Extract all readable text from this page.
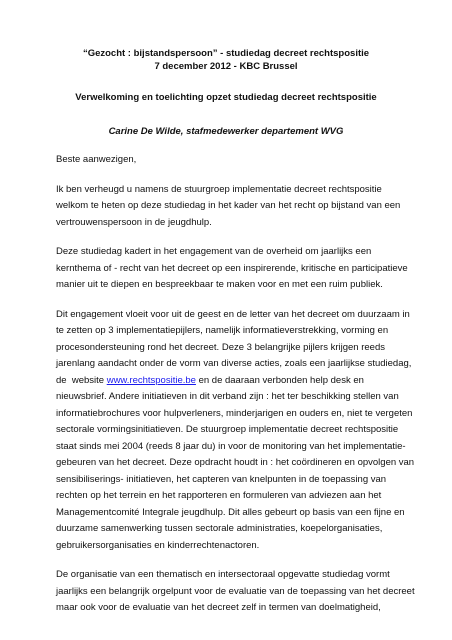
“Gezocht : bijstandspersoon” - studiedag decreet rechtspositie
7 december 2012 - KBC Brussel
Verwelkoming en toelichting opzet studiedag decreet rechtspositie
Carine De Wilde, stafmedewerker departement WVG
Beste aanwezigen,
Ik ben verheugd u namens de stuurgroep implementatie decreet rechtspositie
welkom te heten op deze studiedag in het kader van het recht op bijstand van een
vertrouwenspersoon in de jeugdhulp.
Deze studiedag kadert in het engagement van de overheid om jaarlijks een
kernthema of - recht van het decreet op een inspirerende, kritische en participatieve
manier uit te diepen en bespreekbaar te maken voor en met een ruim publiek.
Dit engagement vloeit voor uit de geest en de letter van het decreet om duurzaam in
te zetten op 3 implementatiepijlers, namelijk informatieverstrekking, vorming en
procesondersteuning rond het decreet. Deze 3 belangrijke pijlers krijgen reeds
jarenlang aandacht onder de vorm van diverse acties, zoals een jaarlijkse studiedag,
de  website www.rechtspositie.be en de daaraan verbonden help desk en
nieuwsbrief. Andere initiatieven in dit verband zijn : het ter beschikking stellen van
informatiebrochures voor hulpverleners, minderjarigen en ouders en, niet te vergeten
sectorale vormingsinitiatieven. De stuurgroep implementatie decreet rechtspositie
staat sinds mei 2004 (reeds 8 jaar du) in voor de monitoring van het implementatie-
gebeuren van het decreet. Deze opdracht houdt in : het coördineren en opvolgen van
sensibiliserings- initiatieven, het capteren van knelpunten in de toepassing van
rechten op het terrein en het rapporteren en formuleren van adviezen aan het
Managementcomité Integrale jeugdhulp. Dit alles gebeurt op basis van een fijne en
duurzame samenwerking tussen sectorale administraties, koepelorganisaties,
gebruikersorganisaties en kinderrechtenactoren.
De organisatie van een thematisch en intersectoraal opgevatte studiedag vormt
jaarlijks een belangrijk orgelpunt voor de evaluatie van de toepassing van het decreet
maar ook voor de evaluatie van het decreet zelf in termen van doelmatigheid,
